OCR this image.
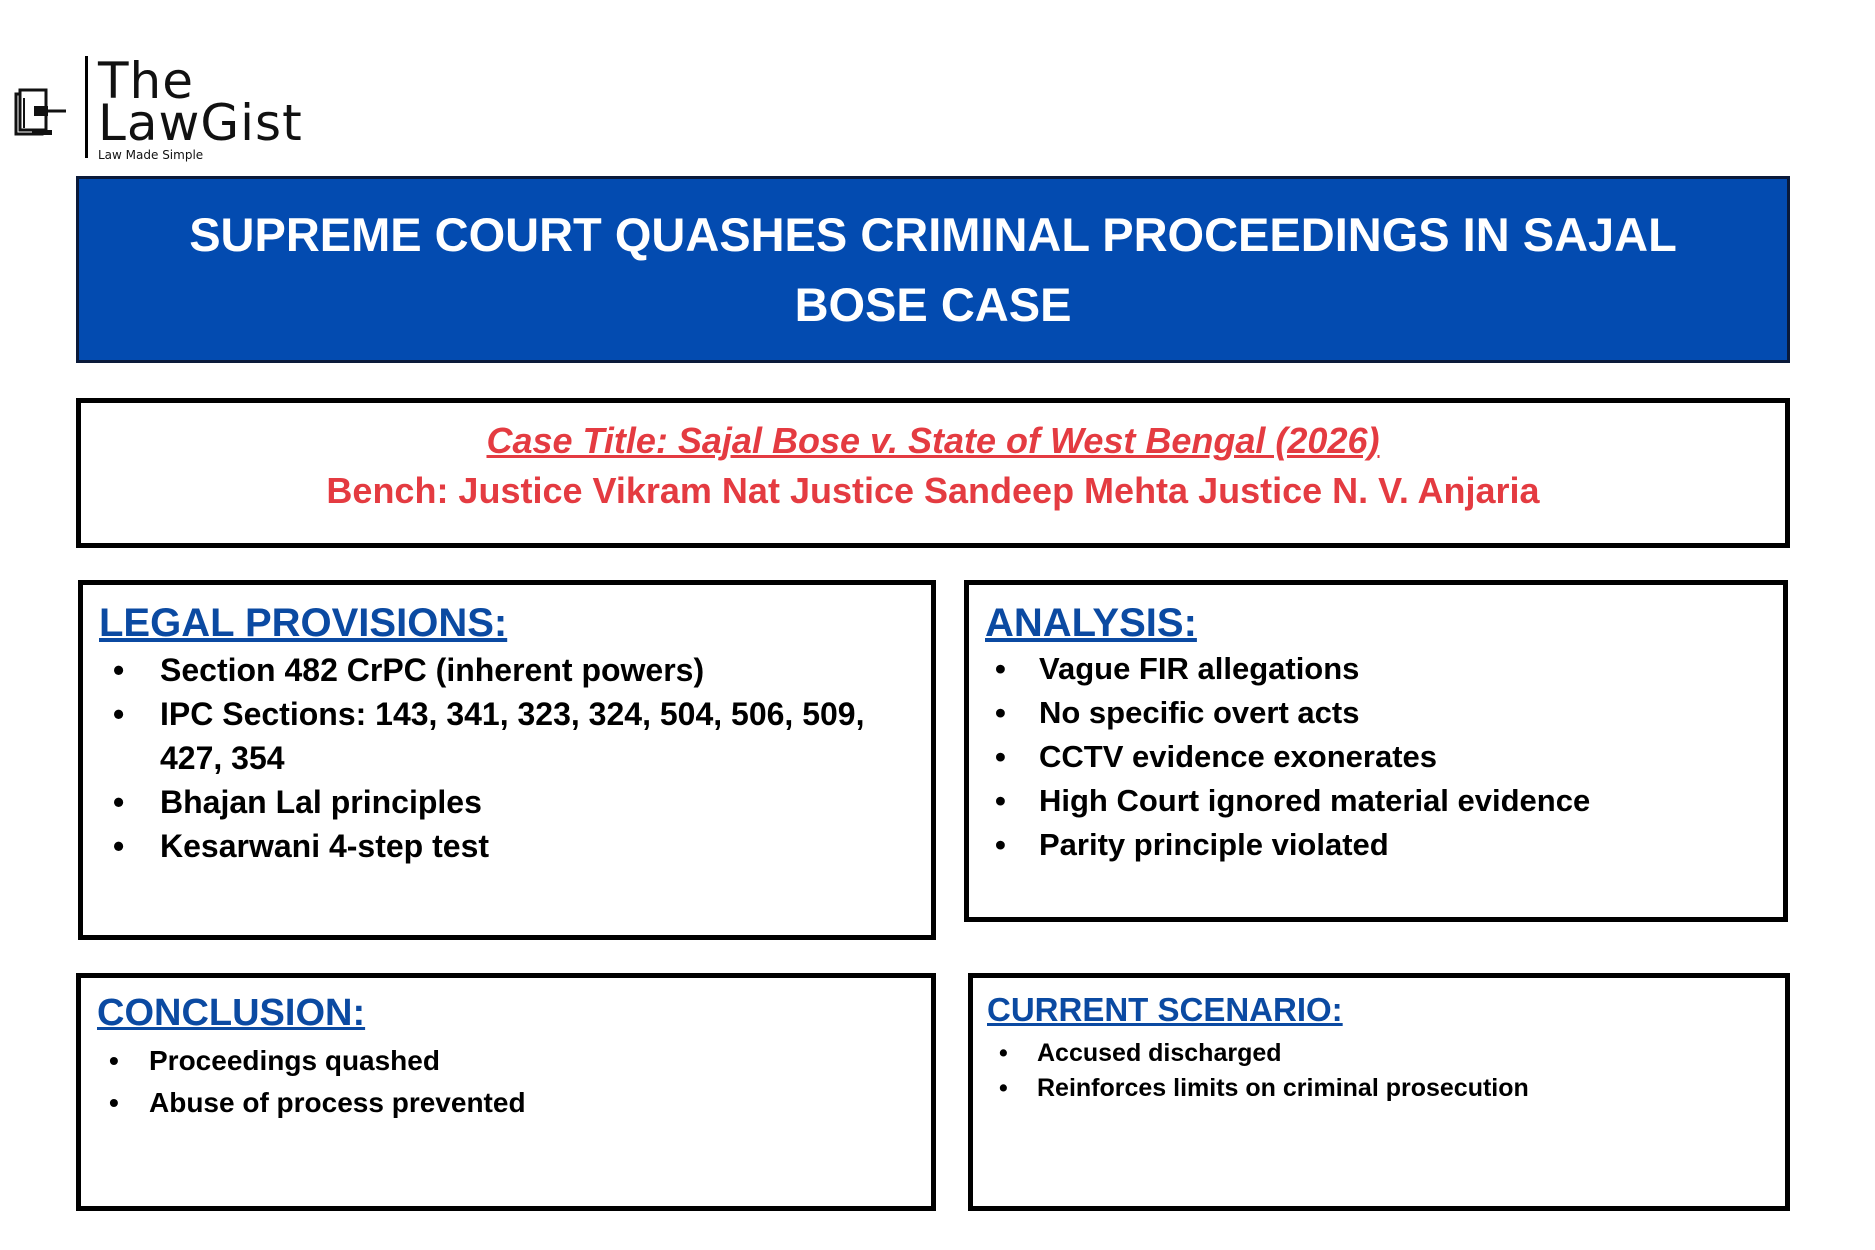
The
LawGist
Law Made Simple
SUPREME COURT QUASHES CRIMINAL PROCEEDINGS IN SAJAL BOSE CASE
Case Title: Sajal Bose v. State of West Bengal (2026)
Bench: Justice Vikram Nat Justice Sandeep Mehta Justice N. V. Anjaria
LEGAL PROVISIONS:
• Section 482 CrPC (inherent powers)
• IPC Sections: 143, 341, 323, 324, 504, 506, 509, 427, 354
• Bhajan Lal principles
• Kesarwani 4-step test
ANALYSIS:
• Vague FIR allegations
• No specific overt acts
• CCTV evidence exonerates
• High Court ignored material evidence
• Parity principle violated
CONCLUSION:
• Proceedings quashed
• Abuse of process prevented
CURRENT SCENARIO:
• Accused discharged
• Reinforces limits on criminal prosecution
